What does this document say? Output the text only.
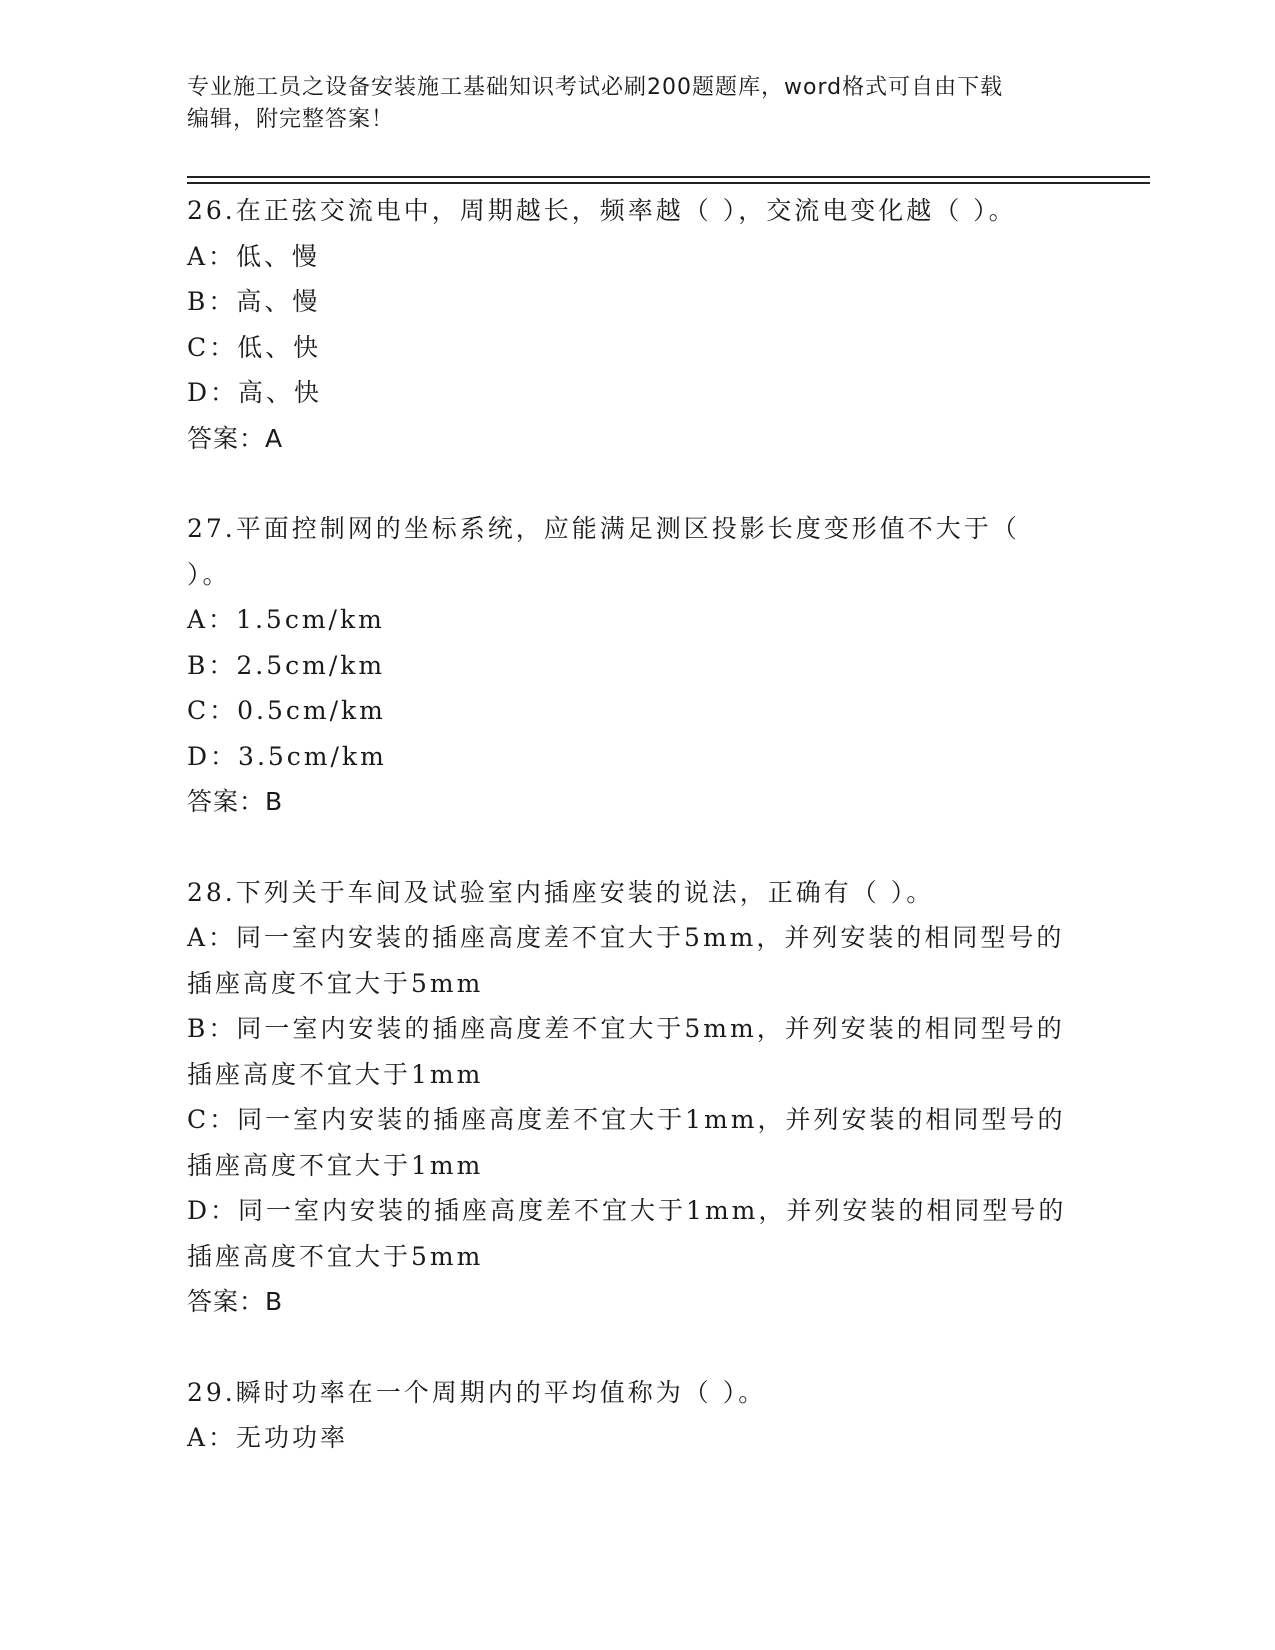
专业施工员之设备安装施工基础知识考试必刷200题题库，word格式可自由下载
编辑，附完整答案！
26.在正弦交流电中，周期越长，频率越（ ），交流电变化越（ ）。
A：低、慢
B：高、慢
C：低、快
D：高、快
答案：A
27.平面控制网的坐标系统，应能满足测区投影长度变形值不大于（
）。
A：1.5cm/km
B：2.5cm/km
C：0.5cm/km
D：3.5cm/km
答案：B
28.下列关于车间及试验室内插座安装的说法，正确有（ ）。
A：同一室内安装的插座高度差不宜大于5mm，并列安装的相同型号的
插座高度不宜大于5mm
B：同一室内安装的插座高度差不宜大于5mm，并列安装的相同型号的
插座高度不宜大于1mm
C：同一室内安装的插座高度差不宜大于1mm，并列安装的相同型号的
插座高度不宜大于1mm
D：同一室内安装的插座高度差不宜大于1mm，并列安装的相同型号的
插座高度不宜大于5mm
答案：B
29.瞬时功率在一个周期内的平均值称为（ ）。
A：无功功率
